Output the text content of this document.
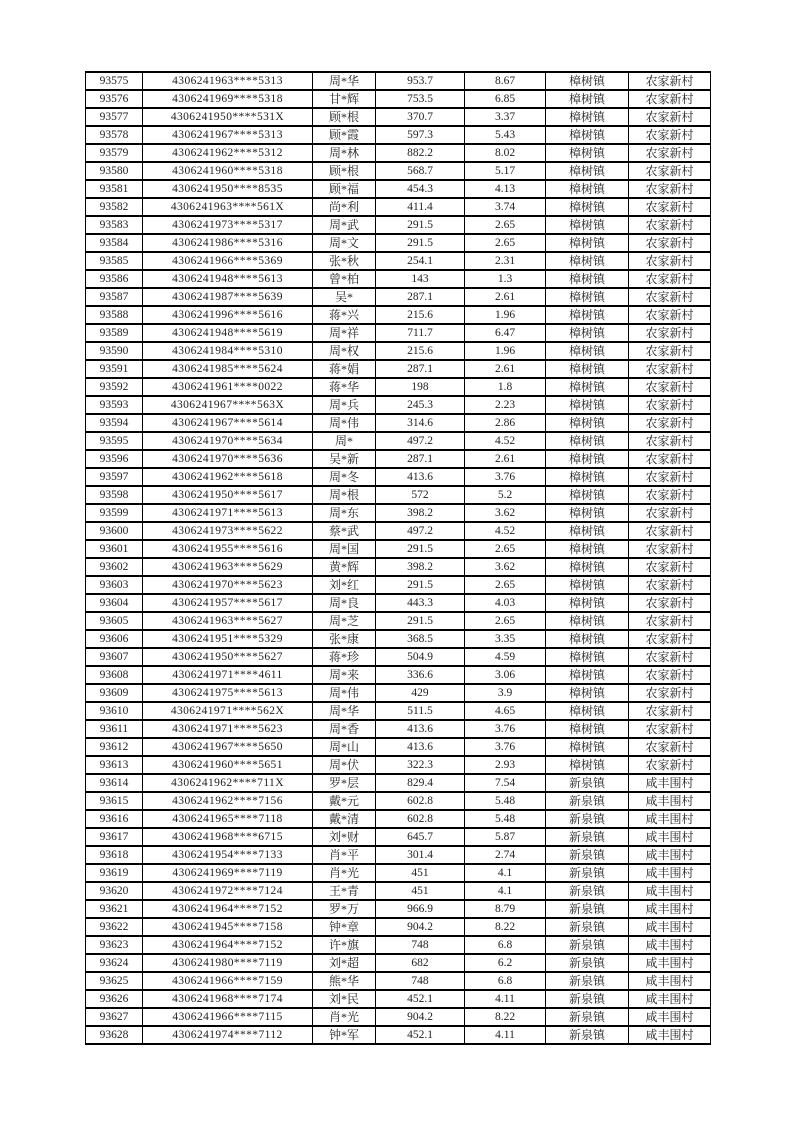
93575	4306241963****5313	周*华	953.7	8.67	樟树镇	农家新村
93576	4306241969****5318	甘*辉	753.5	6.85	樟树镇	农家新村
93577	4306241950****531X	顾*根	370.7	3.37	樟树镇	农家新村
93578	4306241967****5313	顾*霞	597.3	5.43	樟树镇	农家新村
93579	4306241962****5312	周*林	882.2	8.02	樟树镇	农家新村
93580	4306241960****5318	顾*根	568.7	5.17	樟树镇	农家新村
93581	4306241950****8535	顾*福	454.3	4.13	樟树镇	农家新村
93582	4306241963****561X	尚*利	411.4	3.74	樟树镇	农家新村
93583	4306241973****5317	周*武	291.5	2.65	樟树镇	农家新村
93584	4306241986****5316	周*文	291.5	2.65	樟树镇	农家新村
93585	4306241966****5369	张*秋	254.1	2.31	樟树镇	农家新村
93586	4306241948****5613	曾*柏	143	1.3	樟树镇	农家新村
93587	4306241987****5639	吴*	287.1	2.61	樟树镇	农家新村
93588	4306241996****5616	蒋*兴	215.6	1.96	樟树镇	农家新村
93589	4306241948****5619	周*祥	711.7	6.47	樟树镇	农家新村
93590	4306241984****5310	周*权	215.6	1.96	樟树镇	农家新村
93591	4306241985****5624	蒋*娟	287.1	2.61	樟树镇	农家新村
93592	4306241961****0022	蒋*华	198	1.8	樟树镇	农家新村
93593	4306241967****563X	周*兵	245.3	2.23	樟树镇	农家新村
93594	4306241967****5614	周*伟	314.6	2.86	樟树镇	农家新村
93595	4306241970****5634	周*	497.2	4.52	樟树镇	农家新村
93596	4306241970****5636	吴*新	287.1	2.61	樟树镇	农家新村
93597	4306241962****5618	周*冬	413.6	3.76	樟树镇	农家新村
93598	4306241950****5617	周*根	572	5.2	樟树镇	农家新村
93599	4306241971****5613	周*东	398.2	3.62	樟树镇	农家新村
93600	4306241973****5622	蔡*武	497.2	4.52	樟树镇	农家新村
93601	4306241955****5616	周*国	291.5	2.65	樟树镇	农家新村
93602	4306241963****5629	黄*辉	398.2	3.62	樟树镇	农家新村
93603	4306241970****5623	刘*红	291.5	2.65	樟树镇	农家新村
93604	4306241957****5617	周*良	443.3	4.03	樟树镇	农家新村
93605	4306241963****5627	周*芝	291.5	2.65	樟树镇	农家新村
93606	4306241951****5329	张*康	368.5	3.35	樟树镇	农家新村
93607	4306241950****5627	蒋*珍	504.9	4.59	樟树镇	农家新村
93608	4306241971****4611	周*来	336.6	3.06	樟树镇	农家新村
93609	4306241975****5613	周*伟	429	3.9	樟树镇	农家新村
93610	4306241971****562X	周*华	511.5	4.65	樟树镇	农家新村
93611	4306241971****5623	周*香	413.6	3.76	樟树镇	农家新村
93612	4306241967****5650	周*山	413.6	3.76	樟树镇	农家新村
93613	4306241960****5651	周*伏	322.3	2.93	樟树镇	农家新村
93614	4306241962****711X	罗*层	829.4	7.54	新泉镇	咸丰围村
93615	4306241962****7156	戴*元	602.8	5.48	新泉镇	咸丰围村
93616	4306241965****7118	戴*清	602.8	5.48	新泉镇	咸丰围村
93617	4306241968****6715	刘*财	645.7	5.87	新泉镇	咸丰围村
93618	4306241954****7133	肖*平	301.4	2.74	新泉镇	咸丰围村
93619	4306241969****7119	肖*光	451	4.1	新泉镇	咸丰围村
93620	4306241972****7124	王*青	451	4.1	新泉镇	咸丰围村
93621	4306241964****7152	罗*万	966.9	8.79	新泉镇	咸丰围村
93622	4306241945****7158	钟*章	904.2	8.22	新泉镇	咸丰围村
93623	4306241964****7152	许*旗	748	6.8	新泉镇	咸丰围村
93624	4306241980****7119	刘*超	682	6.2	新泉镇	咸丰围村
93625	4306241966****7159	熊*华	748	6.8	新泉镇	咸丰围村
93626	4306241968****7174	刘*民	452.1	4.11	新泉镇	咸丰围村
93627	4306241966****7115	肖*光	904.2	8.22	新泉镇	咸丰围村
93628	4306241974****7112	钟*军	452.1	4.11	新泉镇	咸丰围村
